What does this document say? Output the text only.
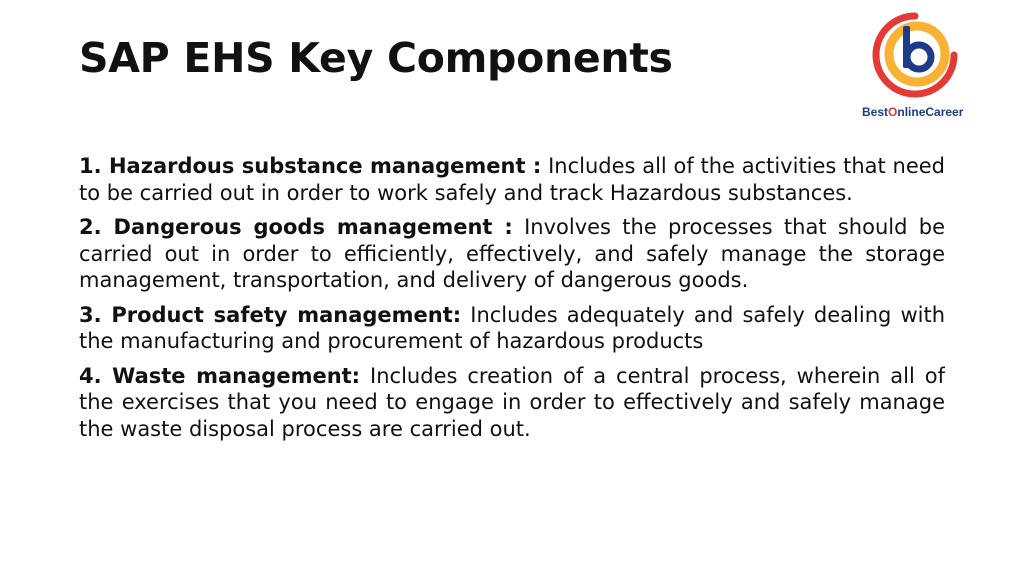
SAP EHS Key Components
BestOnlineCareer

1. Hazardous substance management : Includes all of the activities that need to be carried out in order to work safely and track Hazardous substances.

2. Dangerous goods management : Involves the processes that should be carried out in order to efficiently, effectively, and safely manage the storage management, transportation, and delivery of dangerous goods.

3. Product safety management: Includes adequately and safely dealing with the manufacturing and procurement of hazardous products

4. Waste management: Includes creation of a central process, wherein all of the exercises that you need to engage in order to effectively and safely manage the waste disposal process are carried out.
